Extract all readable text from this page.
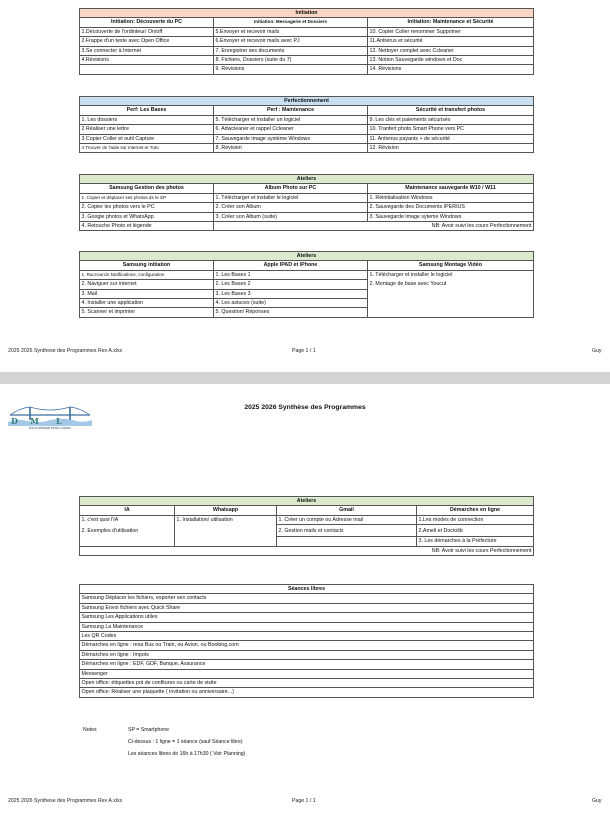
Initiation		
Initiation: Découverte du PC	Initiation: Messagerie et Dossiers	Initiation: Maintenance et Sécurité
1.Découverte de l'ordinteur/ On/off	5.Envoyer et recevoir mails	10. Copier Coller renommer Supprimer
2.Frappe d'un texte avec Open Office	6.Envoyer et recevoir mails avec PJ	11.Antivirus et sécurité
3.Se connecter à Internet	7. Enregistrer ses documents	12. Nettoyer complet avec Ccleaner
4.Révisions	8. Fichiers, Dossiers (suite du 7)	13. Notion Sauvegarde windows et Doc
	9. Révisions	14. Révisions
Perfectionnement		
Perf: Les Bases	Perf : Maintenance	Sécurité et transfert photos
1. Les dossiers	5. Télécharger et installer un logiciel	9. Les clés et paiements sécurisés
2 Réaliser une lettre	6. Adwcleaner et rappel Ccleaner	10. Tranfert photo Smart Phone vers PC
3 Copier Coller et outil Capture	7. Sauvegarde image système Windows	11. Antivirus payants + de sécurité
4 Trouver de l'aide sur internet et Tuto	8. Révision	12. Révision
Ateliers		
Samsung Gestion des photos	Album Photo sur PC	Maintenance sauvegarde W10 / W11
1. Copier et déplacer ses photos ds le SP	1. Télécharger et installer le logiciel	1. Réinitialisation Windows
2. Copier les photos vers le PC	2. Créer son Album	2. Sauvegarde des Documents IPERIUS
3. Google photos et WhatsApp	3. Créer son Album (suite)	3. Sauvegarde image syteme Windows
4. Retouche Photo et légende	NB: Avoir suivi les cours Perfectionnement	
Ateliers		
Samsung initiation	Apple IPAD et iPhone	Samsung Montage Vidéo
1. Raccourcis Notifications, configuration	1. Les Bases 1	1. Télécharger et installer le logiciel
2. Naviguer sur internet	2. Les Bases 2	2. Montage de base avec Youcut
3. Mail	3. Les Bases 3	
4. Installer une application	4. Les astuces (suite)	
5. Scanner et imprimer	5. Question/ Réponses	
2025 2026 Synthese des Programmes Rev A.xlsx	Page 1 / 1	Guy
D M L
DOUCHEMAINE MULTI LOISIRS
2025 2026 Synthèse des Programmes
Ateliers			
IA	Whatsapp	Gmail	Démarches en ligne
1. c'est quoi l'IA	1. Installation/ utilisation	1. Créer un compte ou Adresse mail	1.Les modes de connection
2. Exemples d'utilisation		2. Gestion mails et contacts	2.Ameli et Doctolib
			3. Les démarches à la Préfecture
NB: Avoir suivi les cours Perfectionnement			
Séances libres
Samsung Déplacer les fichiers, exporter ses contacts
Samsung Envoi fichiers avec Quick Share
Samsung Les Applications utiles
Samsung La Maintenance
Les QR Codes
Démarches en ligne : resa Bus ou Train, ou Avion, ou Booking.com
Démarches en ligne : Impots
Démarches en ligne : EDF, GDF, Banque, Assurance
Messenger
Open office: étiquettes pot de confitures ou carte de visite
Open office: Réaliser une plaquette ( invitation ou anniversaire...)
Notes	SP = Smartphone
Ci-dessus : 1 ligne = 1 séance (sauf Séance libre)
Les séances libres de 16h à 17h30 ( Voir Planning)
2025 2026 Synthese des Programmes Rev A.xlsx	Page 1 / 1	Guy
